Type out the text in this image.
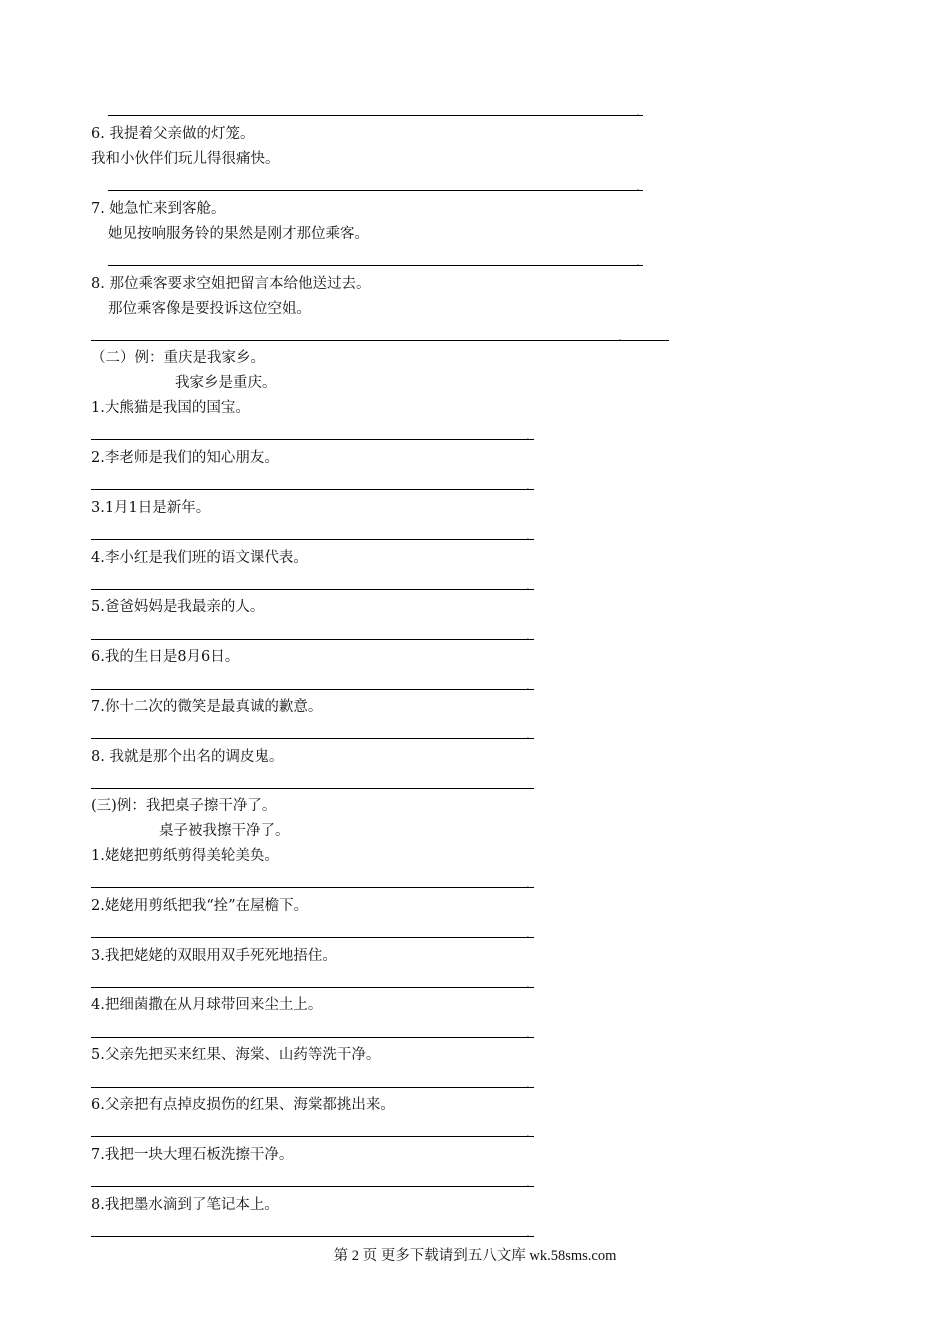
.
6. 我提着父亲做的灯笼。
我和小伙伴们玩儿得很痛快。
.
7. 她急忙来到客舱。
她见按响服务铃的果然是刚才那位乘客。
.
8. 那位乘客要求空姐把留言本给他送过去。
那位乘客像是要投诉这位空姐。
.
（二）例：重庆是我家乡。
我家乡是重庆。
1.大熊猫是我国的国宝。
.
2.李老师是我们的知心朋友。
.
3.1月1日是新年。
.
4.李小红是我们班的语文课代表。
.
5.爸爸妈妈是我最亲的人。
.
6.我的生日是8月6日。
.
7.你十二次的微笑是最真诚的歉意。
.
8. 我就是那个出名的调皮鬼。
(三)例：我把桌子擦干净了。
桌子被我擦干净了。
1.姥姥把剪纸剪得美轮美奂。
.
2.姥姥用剪纸把我“拴”在屋檐下。
.
3.我把姥姥的双眼用双手死死地捂住。
.
4.把细菌撒在从月球带回来尘土上。
.
5.父亲先把买来红果、海棠、山药等洗干净。
.
6.父亲把有点掉皮损伤的红果、海棠都挑出来。
.
7.我把一块大理石板洗擦干净。
.
8.我把墨水滴到了笔记本上。
.
第 2 页 更多下载请到五八文库 wk.58sms.com
